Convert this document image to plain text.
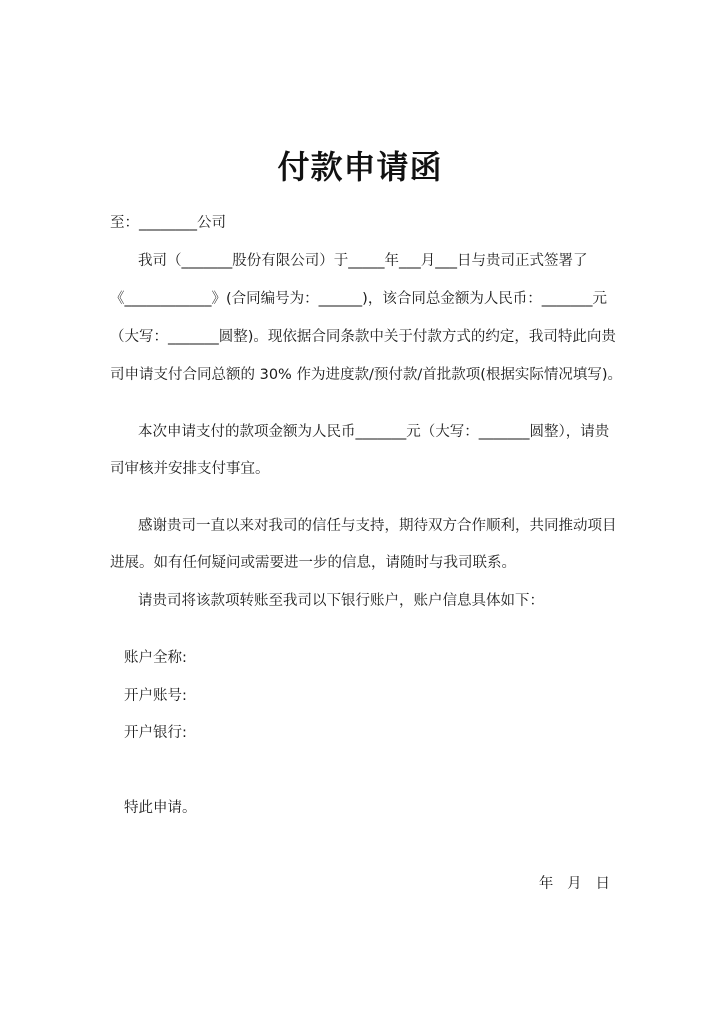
付款申请函
至：________公司
我司（_______股份有限公司）于_____年___月___日与贵司正式签署了
《____________》(合同编号为：______)，该合同总金额为人民币：_______元
（大写：_______圆整)。现依据合同条款中关于付款方式的约定，我司特此向贵
司申请支付合同总额的 30% 作为进度款/预付款/首批款项(根据实际情况填写)。
本次申请支付的款项金额为人民币_______元（大写：_______圆整），请贵
司审核并安排支付事宜。
感谢贵司一直以来对我司的信任与支持，期待双方合作顺利，共同推动项目
进展。如有任何疑问或需要进一步的信息，请随时与我司联系。
请贵司将该款项转账至我司以下银行账户，账户信息具体如下：
账户全称:
开户账号:
开户银行:
特此申请。
年   月   日
